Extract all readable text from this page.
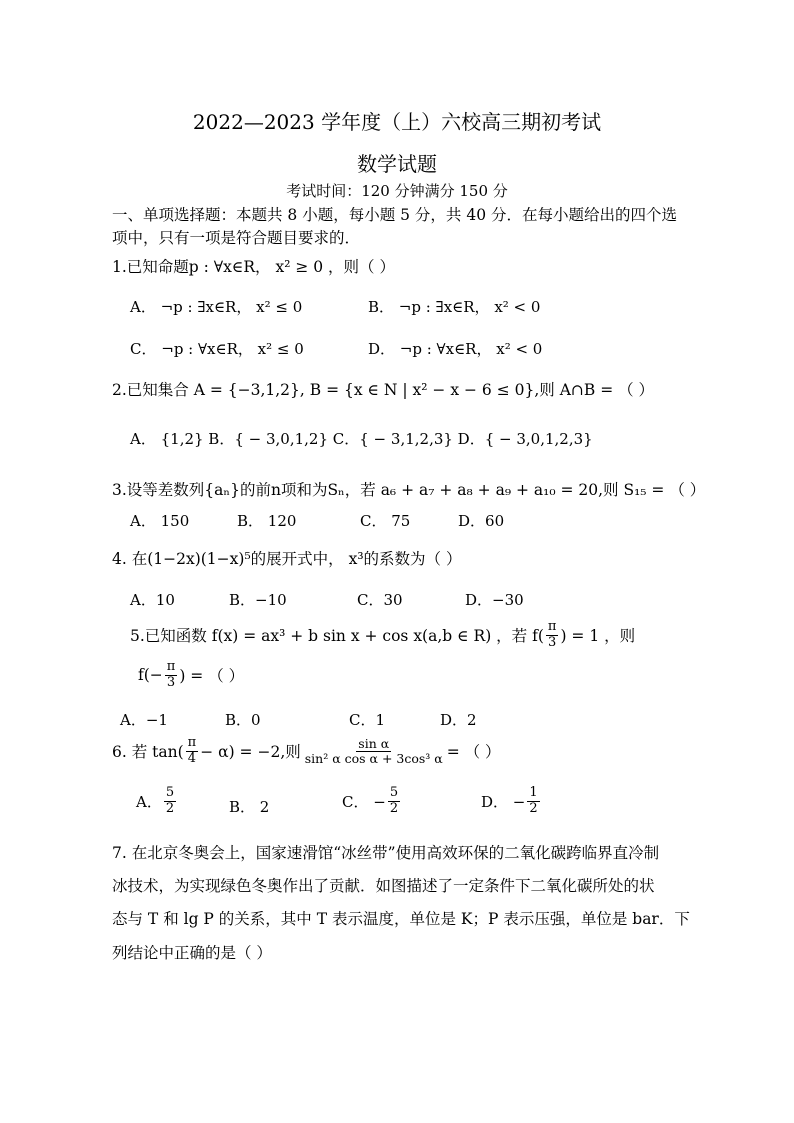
2022—2023 学年度（上）六校高三期初考试
数学试题
考试时间：120 分钟满分 150 分
一、单项选择题：本题共 8 小题，每小题 5 分，共 40 分．在每小题给出的四个选
项中，只有一项是符合题目要求的．
1.已知命题p : ∀x∈R， x² ≥ 0 ，则（ ）
A． ¬p : ∃x∈R， x² ≤ 0	B． ¬p : ∃x∈R， x² < 0
C． ¬p : ∀x∈R， x² ≤ 0	D． ¬p : ∀x∈R， x² < 0
2.已知集合 A = {−3,1,2}, B = {x ∈ N | x² − x − 6 ≤ 0},则 A∩B = （ ）
A． {1,2} B．{ − 3,0,1,2} C．{ − 3,1,2,3} D．{ − 3,0,1,2,3}
3.设等差数列{aₙ}的前n项和为Sₙ，若 a₆ + a₇ + a₈ + a₉ + a₁₀ = 20,则 S₁₅ = （ ）
A． 150	B． 120	C． 75	D．60
4. 在(1−2x)(1−x)⁵的展开式中， x³的系数为（ ）
A．10	B．−10	C．30	D．−30
5.已知函数 f(x) = ax³ + b sin x + cos x(a,b ∈ R) ，若 $f( \frac{\pi}{3}$ ) = 1 ，则
$f(- \frac{\pi}{3}$ ) = （ ）
A．−1	B．0	C．1	D．2
6. 若 $\tan( \frac{\pi}{4} - \alpha) = -2$,则 $\frac{\text{sin α}}{\text{sin² α cos α + 3cos³ α}}$ = （ ）
A． $\frac{5}{2}$	B． 2	C． − $\frac{5}{2}$	D． − $\frac{1}{2}$
7. 在北京冬奥会上，国家速滑馆“冰丝带”使用高效环保的二氧化碳跨临界直冷制
冰技术，为实现绿色冬奥作出了贡献．如图描述了一定条件下二氧化碳所处的状
态与 T 和 lg P 的关系，其中 T 表示温度，单位是 K；P 表示压强，单位是 bar．下
列结论中正确的是（ ）
